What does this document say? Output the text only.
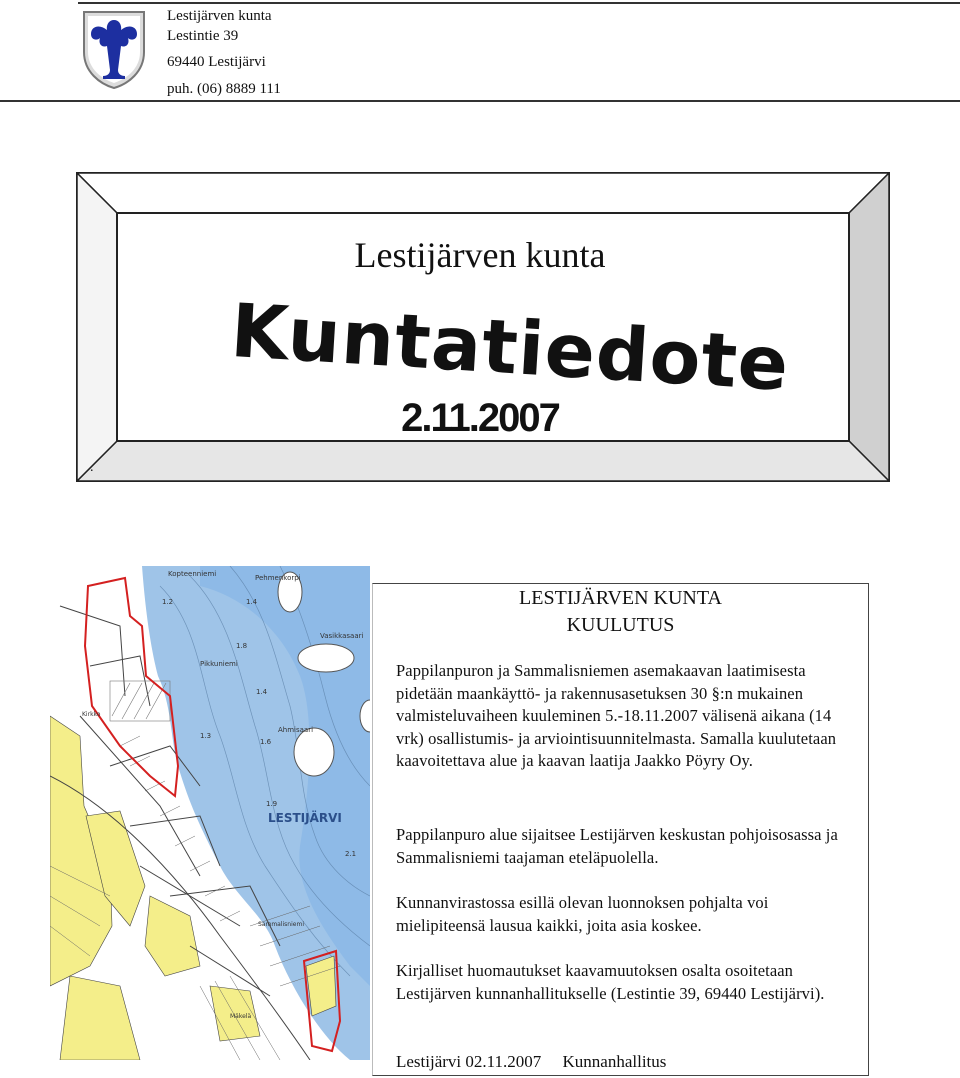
Lestijärven kunta
Lestintie 39
69440 Lestijärvi
puh. (06) 8889 111
Lestijärven kunta
Kuntatiedote
2.11.2007
.
Kopteenniemi	Pehmenkorpi
1.2	1.4
1.8
1.4
1.3
1.6
1.9
2.1
Vasikkasaari
Ahmisaari
Pikkuniemi
Sammalisniemi
Kirkko
Mäkelä
LESTIJÄRVI
LESTIJÄRVEN KUNTA
KUULUTUS
Pappilanpuron ja Sammalisniemen asemakaavan laatimisesta pidetään maankäyttö- ja rakennusasetuksen 30 §:n mukainen valmisteluvaiheen kuuleminen 5.-18.11.2007 välisenä aikana (14 vrk) osallistumis- ja arviointisuunnitelmasta. Samalla kuulutetaan kaavoitettava alue ja kaavan laatija Jaakko Pöyry Oy.
Pappilanpuro alue sijaitsee Lestijärven keskustan pohjoisosassa ja Sammalisniemi taajaman eteläpuolella.
Kunnanvirastossa esillä olevan luonnoksen pohjalta voi mielipiteensä lausua kaikki, joita asia koskee.
Kirjalliset huomautukset kaavamuutoksen osalta osoitetaan Lestijärven kunnanhallitukselle (Lestintie 39, 69440 Lestijärvi).
Lestijärvi 02.11.2007     Kunnanhallitus
